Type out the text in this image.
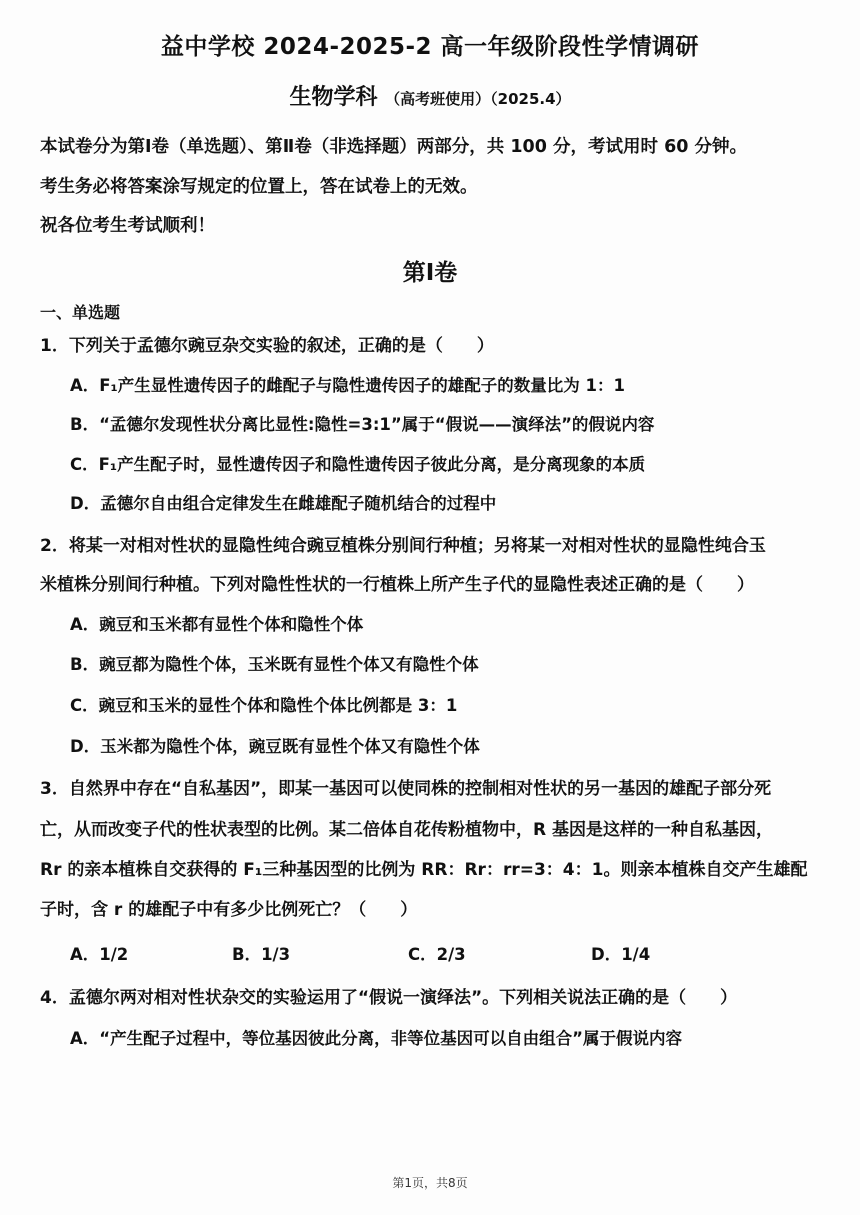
益中学校 2024-2025-2 高一年级阶段性学情调研
生物学科 （高考班使用）（2025.4）
本试卷分为第Ⅰ卷（单选题）、第Ⅱ卷（非选择题）两部分，共 100 分，考试用时 60 分钟。
考生务必将答案涂写规定的位置上，答在试卷上的无效。
祝各位考生考试顺利！
第Ⅰ卷
一、单选题
1．下列关于孟德尔豌豆杂交实验的叙述，正确的是（　　）
A．F₁产生显性遗传因子的雌配子与隐性遗传因子的雄配子的数量比为 1：1
B．“孟德尔发现性状分离比显性:隐性=3:1”属于“假说——演绎法”的假说内容
C．F₁产生配子时，显性遗传因子和隐性遗传因子彼此分离，是分离现象的本质
D．孟德尔自由组合定律发生在雌雄配子随机结合的过程中
2．将某一对相对性状的显隐性纯合豌豆植株分别间行种植；另将某一对相对性状的显隐性纯合玉
米植株分别间行种植。下列对隐性性状的一行植株上所产生子代的显隐性表述正确的是（　　）
A．豌豆和玉米都有显性个体和隐性个体
B．豌豆都为隐性个体，玉米既有显性个体又有隐性个体
C．豌豆和玉米的显性个体和隐性个体比例都是 3：1
D．玉米都为隐性个体，豌豆既有显性个体又有隐性个体
3．自然界中存在“自私基因”，即某一基因可以使同株的控制相对性状的另一基因的雄配子部分死
亡，从而改变子代的性状表型的比例。某二倍体自花传粉植物中，R 基因是这样的一种自私基因，
Rr 的亲本植株自交获得的 F₁三种基因型的比例为 RR：Rr：rr=3：4：1。则亲本植株自交产生雄配
子时，含 r 的雄配子中有多少比例死亡？（　　）
A．1/2	B．1/3	C．2/3	D．1/4
4．孟德尔两对相对性状杂交的实验运用了“假说一演绎法”。下列相关说法正确的是（　　）
A．“产生配子过程中，等位基因彼此分离，非等位基因可以自由组合”属于假说内容
第1页，共8页
